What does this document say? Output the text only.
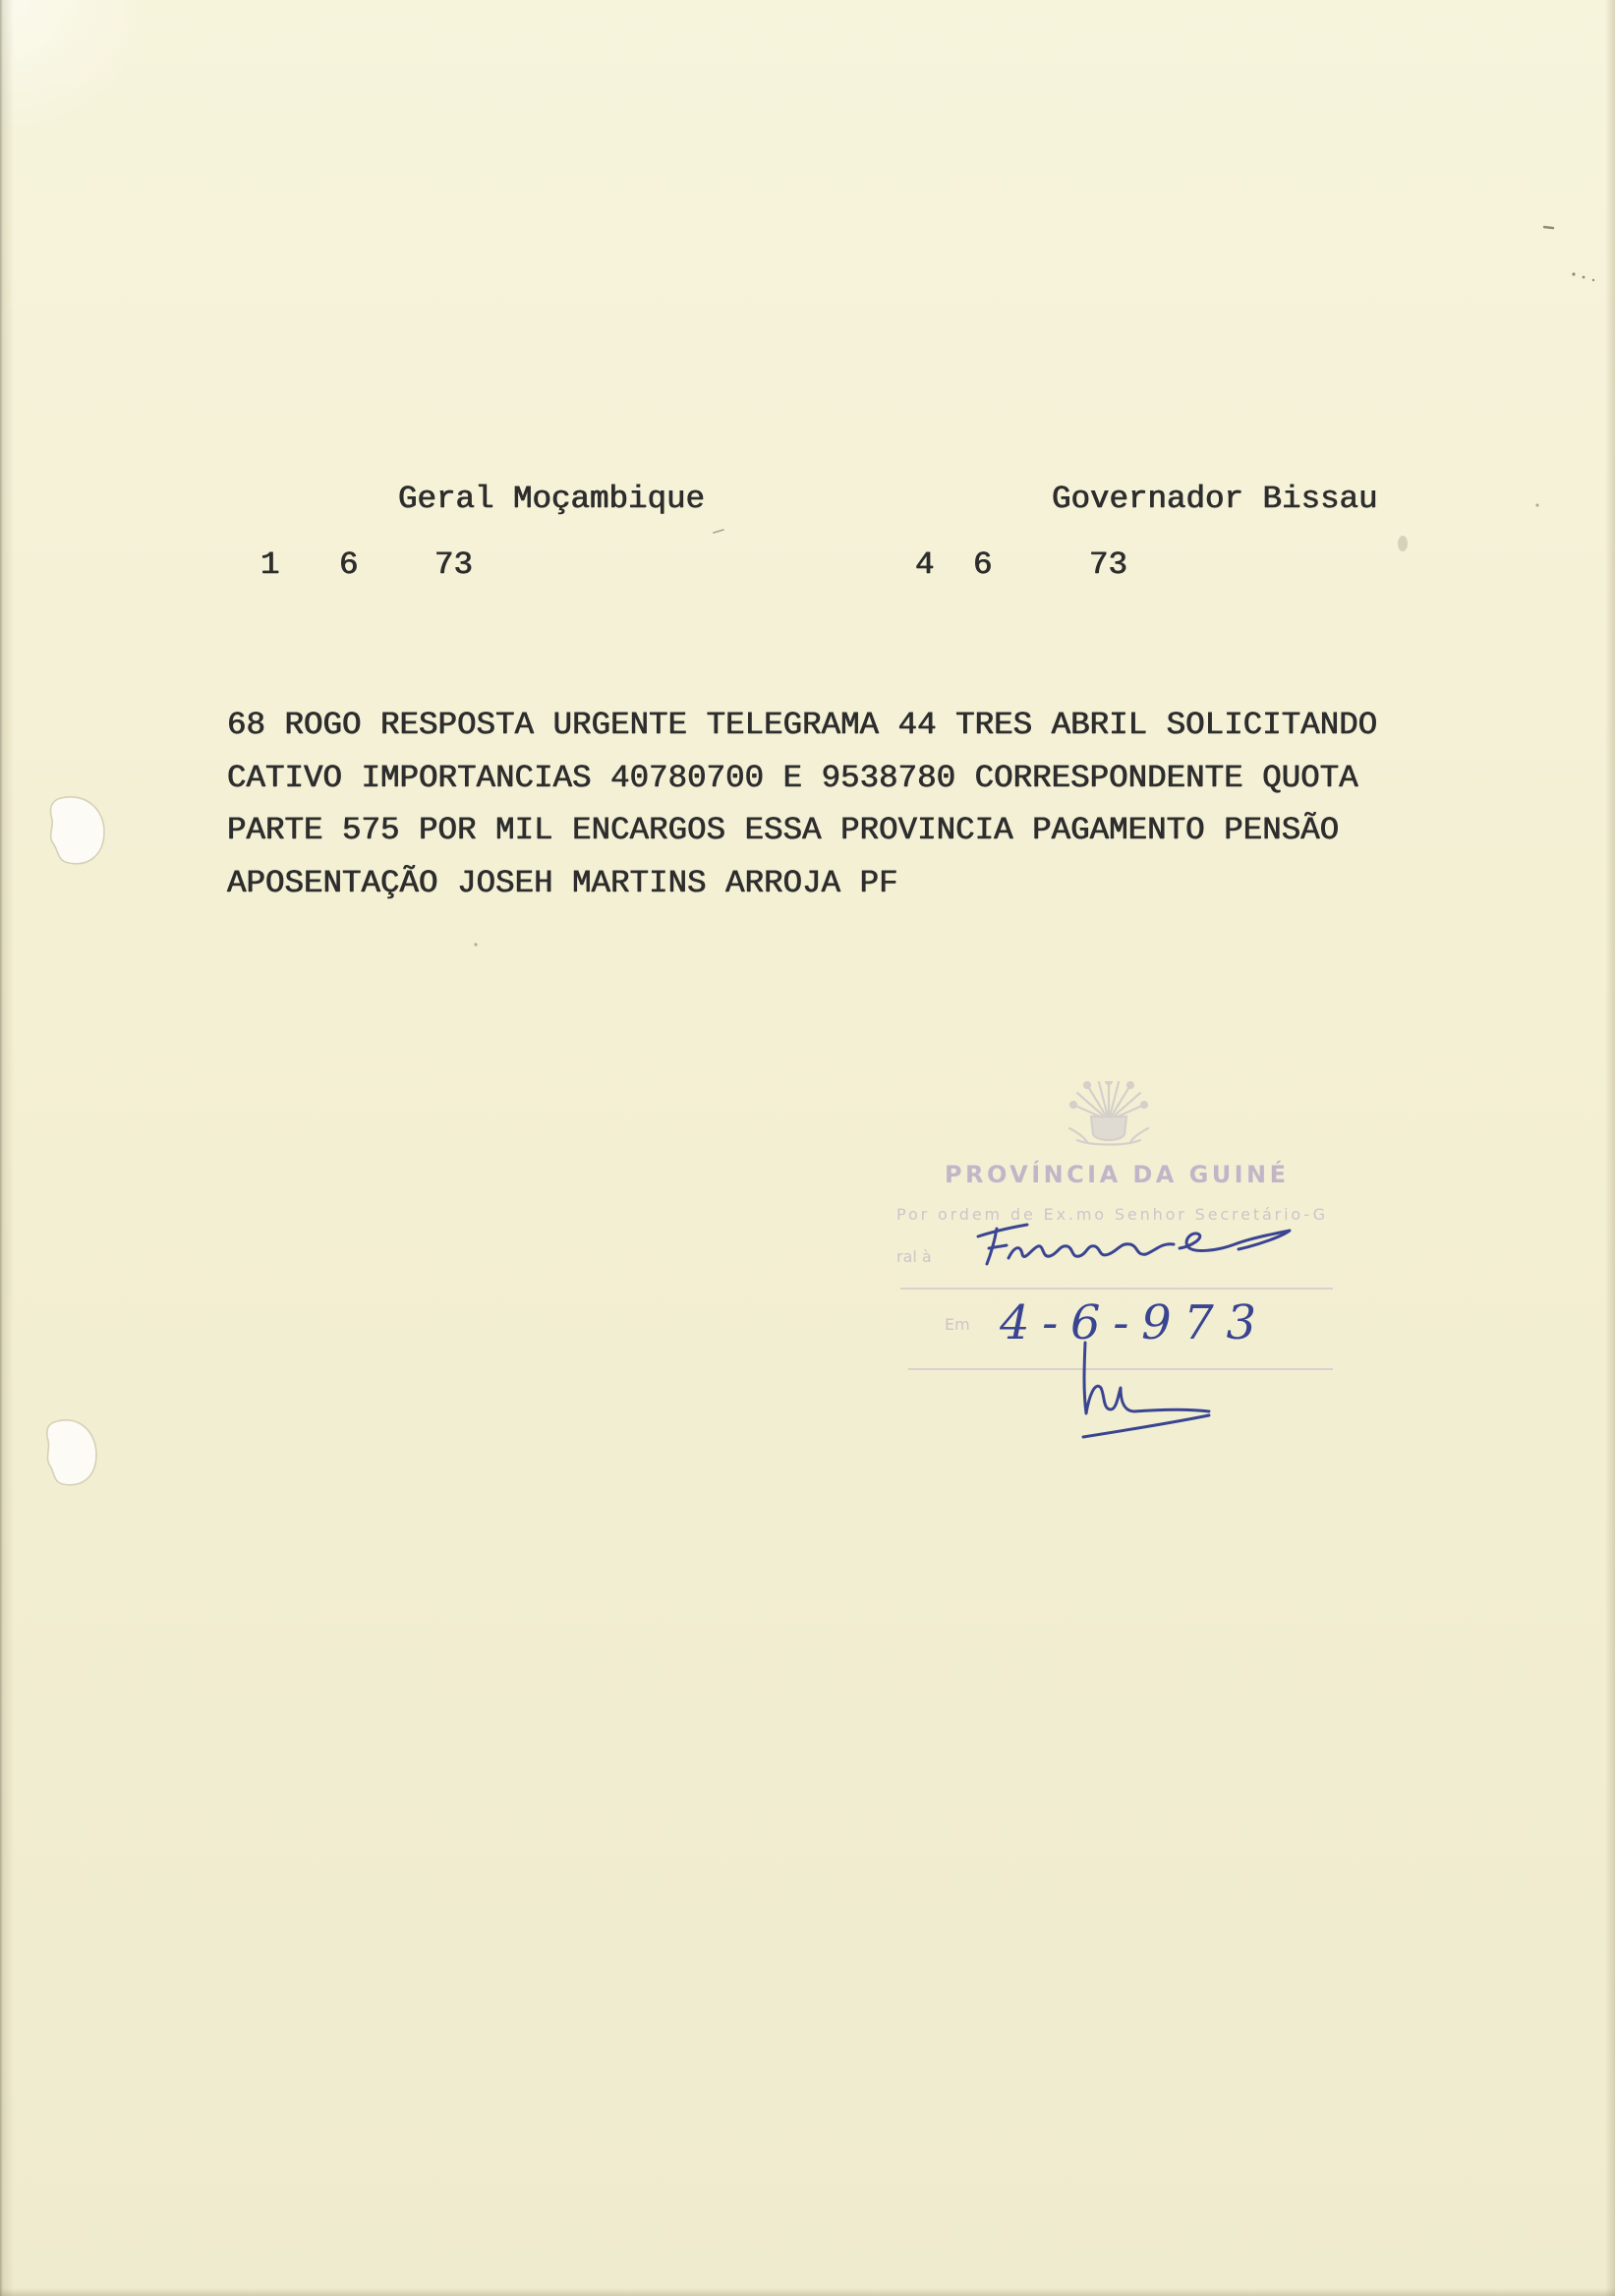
Geral Moçambique	Governador Bissau
1 6 73	4 6	73
68 ROGO RESPOSTA URGENTE TELEGRAMA 44 TRES ABRIL SOLICITANDO
CATIVO IMPORTANCIAS 40780700 E 9538780 CORRESPONDENTE QUOTA
PARTE 575 POR MIL ENCARGOS ESSA PROVINCIA PAGAMENTO PENSÃO
APOSENTAÇÃO JOSEH MARTINS ARROJA PF
PROVÍNCIA DA GUINÉ
Por ordem de Ex.mo Senhor Secretário-G
ral à
Em 4-6-973
